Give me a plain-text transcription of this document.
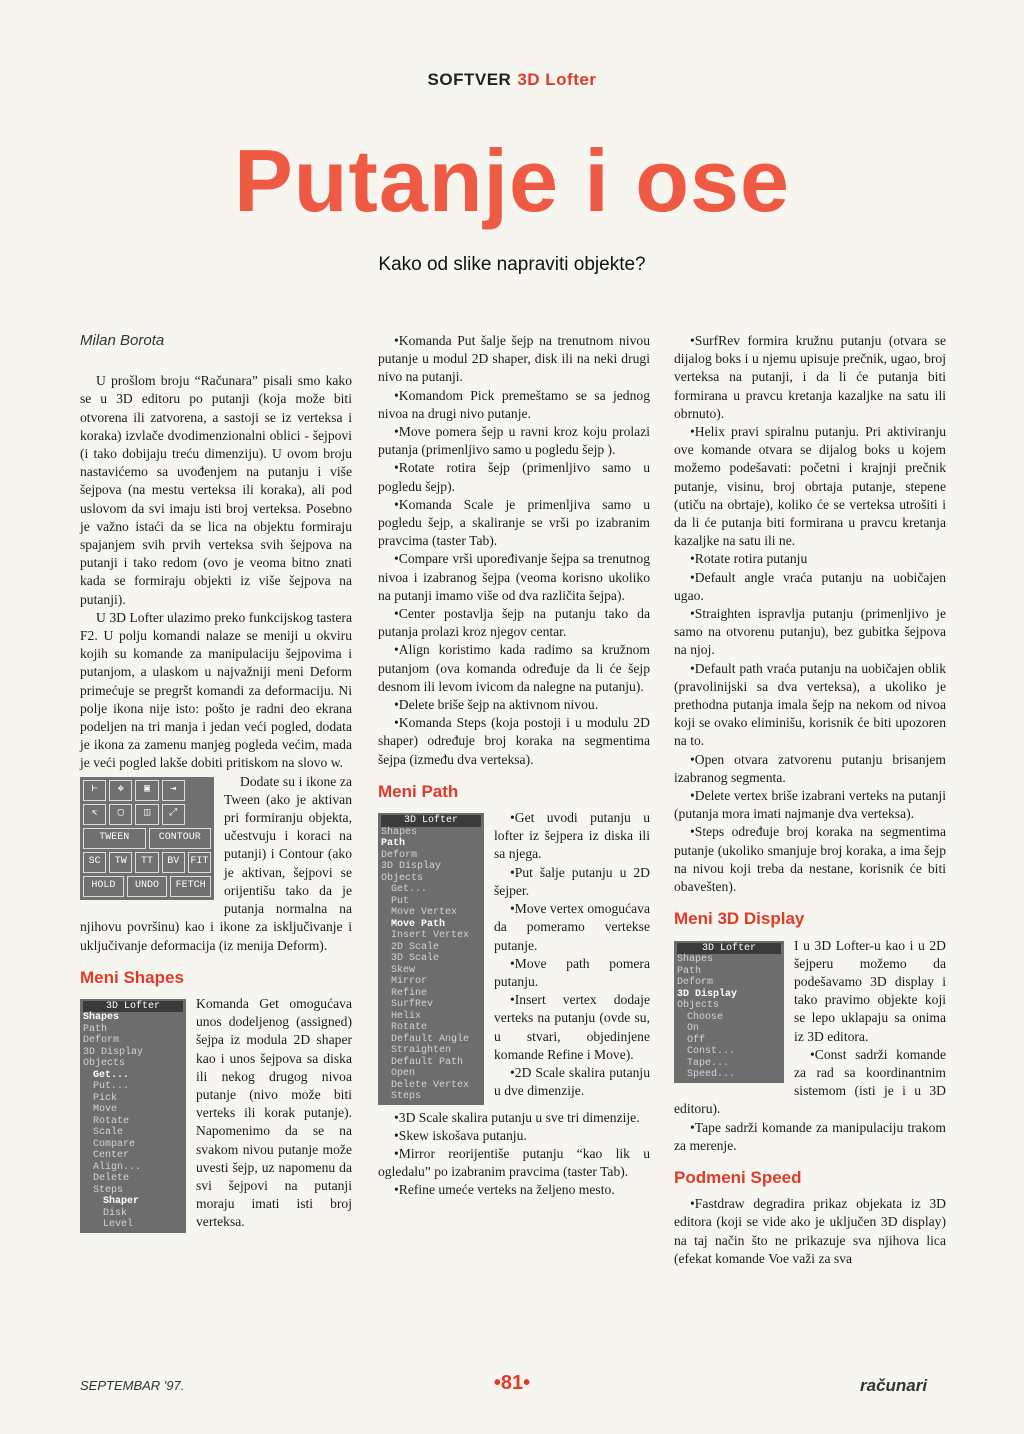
SOFTVER 3D Lofter
Putanje i ose
Kako od slike napraviti objekte?
Milan Borota

U prošlom broju “Računara” pisali smo kako se u 3D editoru po putanji (koja može biti otvorena ili zatvorena, a sastoji se iz verteksa i koraka) izvlače dvodimenzionalni oblici - šejpovi (i tako dobijaju treću dimenziju). U ovom broju nastavićemo sa uvođenjem na putanju i više šejpova (na mestu verteksa ili koraka), ali pod uslovom da svi imaju isti broj verteksa. Posebno je važno istaći da se lica na objektu formiraju spajanjem svih prvih verteksa svih šejpova na putanji i tako redom (ovo je veoma bitno znati kada se formiraju objekti iz više šejpova na putanji).

U 3D Lofter ulazimo preko funkcijskog tastera F2. U polju komandi nalaze se meniji u okviru kojih su komande za manipulaciju šejpovima i putanjom, a ulaskom u najvažniji meni Deform primećuje se pregršt komandi za deformaciju. Ni polje ikona nije isto: pošto je radni deo ekrana podeljen na tri manja i jedan veći pogled, dodata je ikona za zamenu manjeg pogleda većim, mada je veći pogled lakše dobiti pritiskom na slovo w.

⊢	✥	▣	⇥
↸	▢	◫	⤢
TWEEN	CONTOUR
SC	TW	TT	BV	FIT
HOLD	UNDO	FETCH

Dodate su i ikone za Tween (ako je aktivan pri formiranju objekta, učestvuju i koraci na putanji) i Contour (ako je aktivan, šejpovi se orijentišu tako da je putanja normalna na njihovu površinu) kao i ikone za isključivanje i uključivanje deformacija (iz menija Deform).

Meni Shapes
3D Lofter
Shapes
Path
Deform
3D Display
Objects
Get...
Put...
Pick
Move
Rotate
Scale
Compare
Center
Align...
Delete
Steps
Shaper
Disk
Level

Komanda Get omogućava unos dodeljenog (assigned) šejpa iz modula 2D shaper kao i unos šejpova sa diska ili nekog drugog nivoa putanje (nivo može biti verteks ili korak putanje). Napomenimo da se na svakom nivou putanje može uvesti šejp, uz napomenu da svi šejpovi na putanji moraju imati isti broj verteksa.

• Komanda Put šalje šejp na trenutnom nivou putanje u modul 2D shaper, disk ili na neki drugi nivo na putanji.

• Komandom Pick premeštamo se sa jednog nivoa na drugi nivo putanje.

• Move pomera šejp u ravni kroz koju prolazi putanja (primenljivo samo u pogledu šejp ).

• Rotate rotira šejp (primenljivo samo u pogledu šejp).

• Komanda Scale je primenljiva samo u pogledu šejp, a skaliranje se vrši po izabranim pravcima (taster Tab).

• Compare vrši upoređivanje šejpa sa trenutnog nivoa i izabranog šejpa (veoma korisno ukoliko na putanji imamo više od dva različita šejpa).

• Center postavlja šejp na putanju tako da putanja prolazi kroz njegov centar.

• Align koristimo kada radimo sa kružnom putanjom (ova komanda određuje da li će šejp desnom ili levom ivicom da nalegne na putanju).

• Delete briše šejp na aktivnom nivou.

• Komanda Steps (koja postoji i u modulu 2D shaper) određuje broj koraka na segmentima šejpa (između dva verteksa).

Meni Path
3D Lofter
Shapes
Path
Deform
3D Display
Objects
Get...
Put
Move Vertex
Move Path
Insert Vertex
2D Scale
3D Scale
Skew
Mirror
Refine
SurfRev
Helix
Rotate
Default Angle
Straighten
Default Path
Open
Delete Vertex
Steps

• Get uvodi putanju u lofter iz šejpera iz diska ili sa njega.

• Put šalje putanju u 2D šejper.

• Move vertex omogućava da pomeramo vertekse putanje.

• Move path pomera putanju.

• Insert vertex dodaje verteks na putanju (ovde su, u stvari, objedinjene komande Refine i Move).

• 2D Scale skalira putanju u dve dimenzije.

• 3D Scale skalira putanju u sve tri dimenzije.

• Skew iskošava putanju.

• Mirror reorijentiše putanju “kao lik u ogledalu” po izabranim pravcima (taster Tab).

• Refine umeće verteks na željeno mesto.

• SurfRev formira kružnu putanju (otvara se dijalog boks i u njemu upisuje prečnik, ugao, broj verteksa na putanji, i da li će putanja biti formirana u pravcu kretanja kazaljke na satu ili obrnuto).

• Helix pravi spiralnu putanju. Pri aktiviranju ove komande otvara se dijalog boks u kojem možemo podešavati: početni i krajnji prečnik putanje, visinu, broj obrtaja putanje, stepene (utiču na obrtaje), koliko će se verteksa utrošiti i da li će putanja biti formirana u pravcu kretanja kazaljke na satu ili ne.

• Rotate rotira putanju

• Default angle vraća putanju na uobičajen ugao.

• Straighten ispravlja putanju (primenljivo je samo na otvorenu putanju), bez gubitka šejpova na njoj.

• Default path vraća putanju na uobičajen oblik (pravolinijski sa dva verteksa), a ukoliko je prethodna putanja imala šejp na nekom od nivoa koji se ovako eliminišu, korisnik će biti upozoren na to.

• Open otvara zatvorenu putanju brisanjem izabranog segmenta.

• Delete vertex briše izabrani verteks na putanji (putanja mora imati najmanje dva verteksa).

• Steps određuje broj koraka na segmentima putanje (ukoliko smanjuje broj koraka, a ima šejp na nivou koji treba da nestane, korisnik će biti obavešten).

Meni 3D Display
3D Lofter
Shapes
Path
Deform
3D Display
Objects
Choose
On
Off
Const...
Tape...
Speed...

I u 3D Lofter-u kao i u 2D šejperu možemo da podešavamo 3D display i tako pravimo objekte koji se lepo uklapaju sa onima iz 3D editora.

• Const sadrži komande za rad sa koordinantnim sistemom (isti je i u 3D editoru).

• Tape sadrži komande za manipulaciju trakom za merenje.

Podmeni Speed

• Fastdraw degradira prikaz objekata iz 3D editora (koji se vide ako je uključen 3D display) na taj način što ne prikazuje sva njihova lica (efekat komande Voe važi za sva

SEPTEMBAR '97.	•81•	računari
